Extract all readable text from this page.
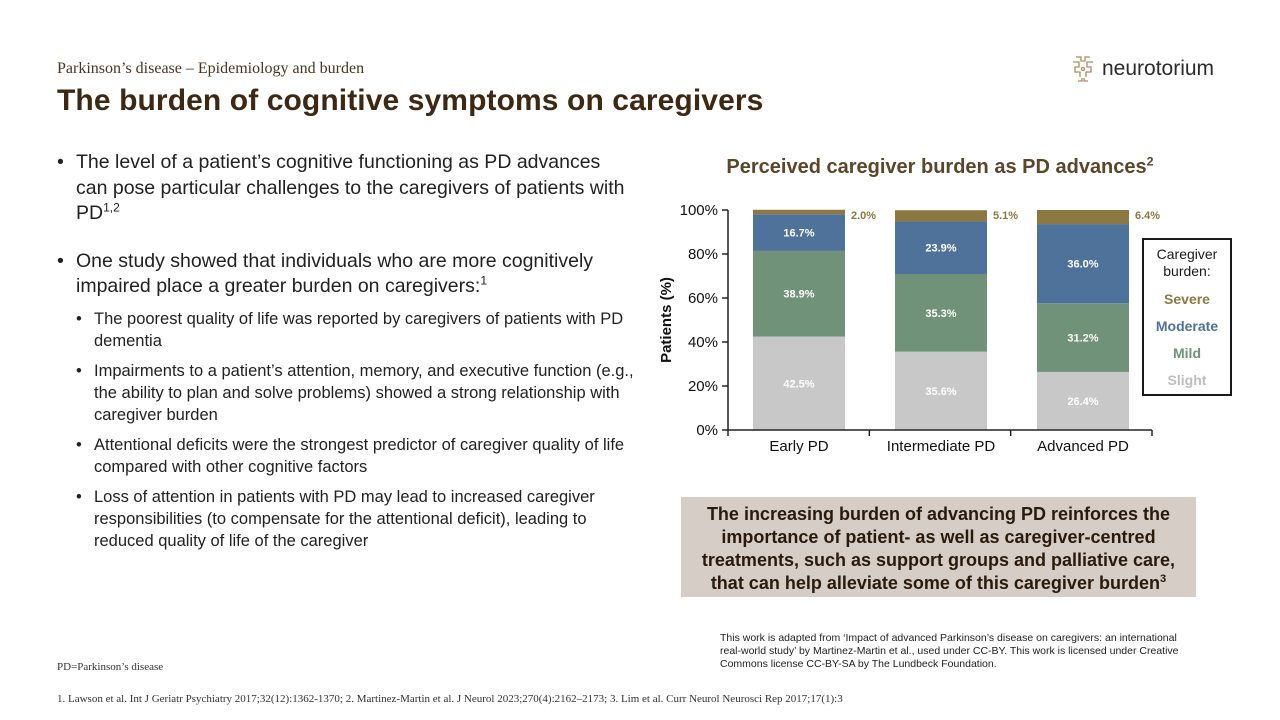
Parkinson’s disease – Epidemiology and burden
The burden of cognitive symptoms on caregivers
neurotorium
• The level of a patient’s cognitive functioning as PD advances can pose particular challenges to the caregivers of patients with PD$^{1,2}$
• One study showed that individuals who are more cognitively impaired place a greater burden on caregivers:$^1$
• The poorest quality of life was reported by caregivers of patients with PD dementia
• Impairments to a patient’s attention, memory, and executive function (e.g., the ability to plan and solve problems) showed a strong relationship with caregiver burden
• Attentional deficits were the strongest predictor of caregiver quality of life compared with other cognitive factors
• Loss of attention in patients with PD may lead to increased caregiver responsibilities (to compensate for the attentional deficit), leading to reduced quality of life of the caregiver
Perceived caregiver burden as PD advances$^2$
Patients (%)
0%
20%
40%
60%
80%
100%
42.5%
38.9%
16.7%
2.0%
Early PD
35.6%
35.3%
23.9%
5.1%
Intermediate PD
26.4%
31.2%
36.0%
6.4%
Advanced PD
Caregiver
burden:
Severe
Moderate
Mild
Slight
The increasing burden of advancing PD reinforces the importance of patient- as well as caregiver-centred treatments, such as support groups and palliative care, that can help alleviate some of this caregiver burden$^3$
This work is adapted from ‘Impact of advanced Parkinson’s disease on caregivers: an international real-world study’ by Martinez-Martin et al., used under CC-BY. This work is licensed under Creative Commons license CC-BY-SA by The Lundbeck Foundation.
PD=Parkinson’s disease
1. Lawson et al. Int J Geriatr Psychiatry 2017;32(12):1362-1370; 2. Martinez-Martin et al. J Neurol 2023;270(4):2162–2173; 3. Lim et al. Curr Neurol Neurosci Rep 2017;17(1):3
